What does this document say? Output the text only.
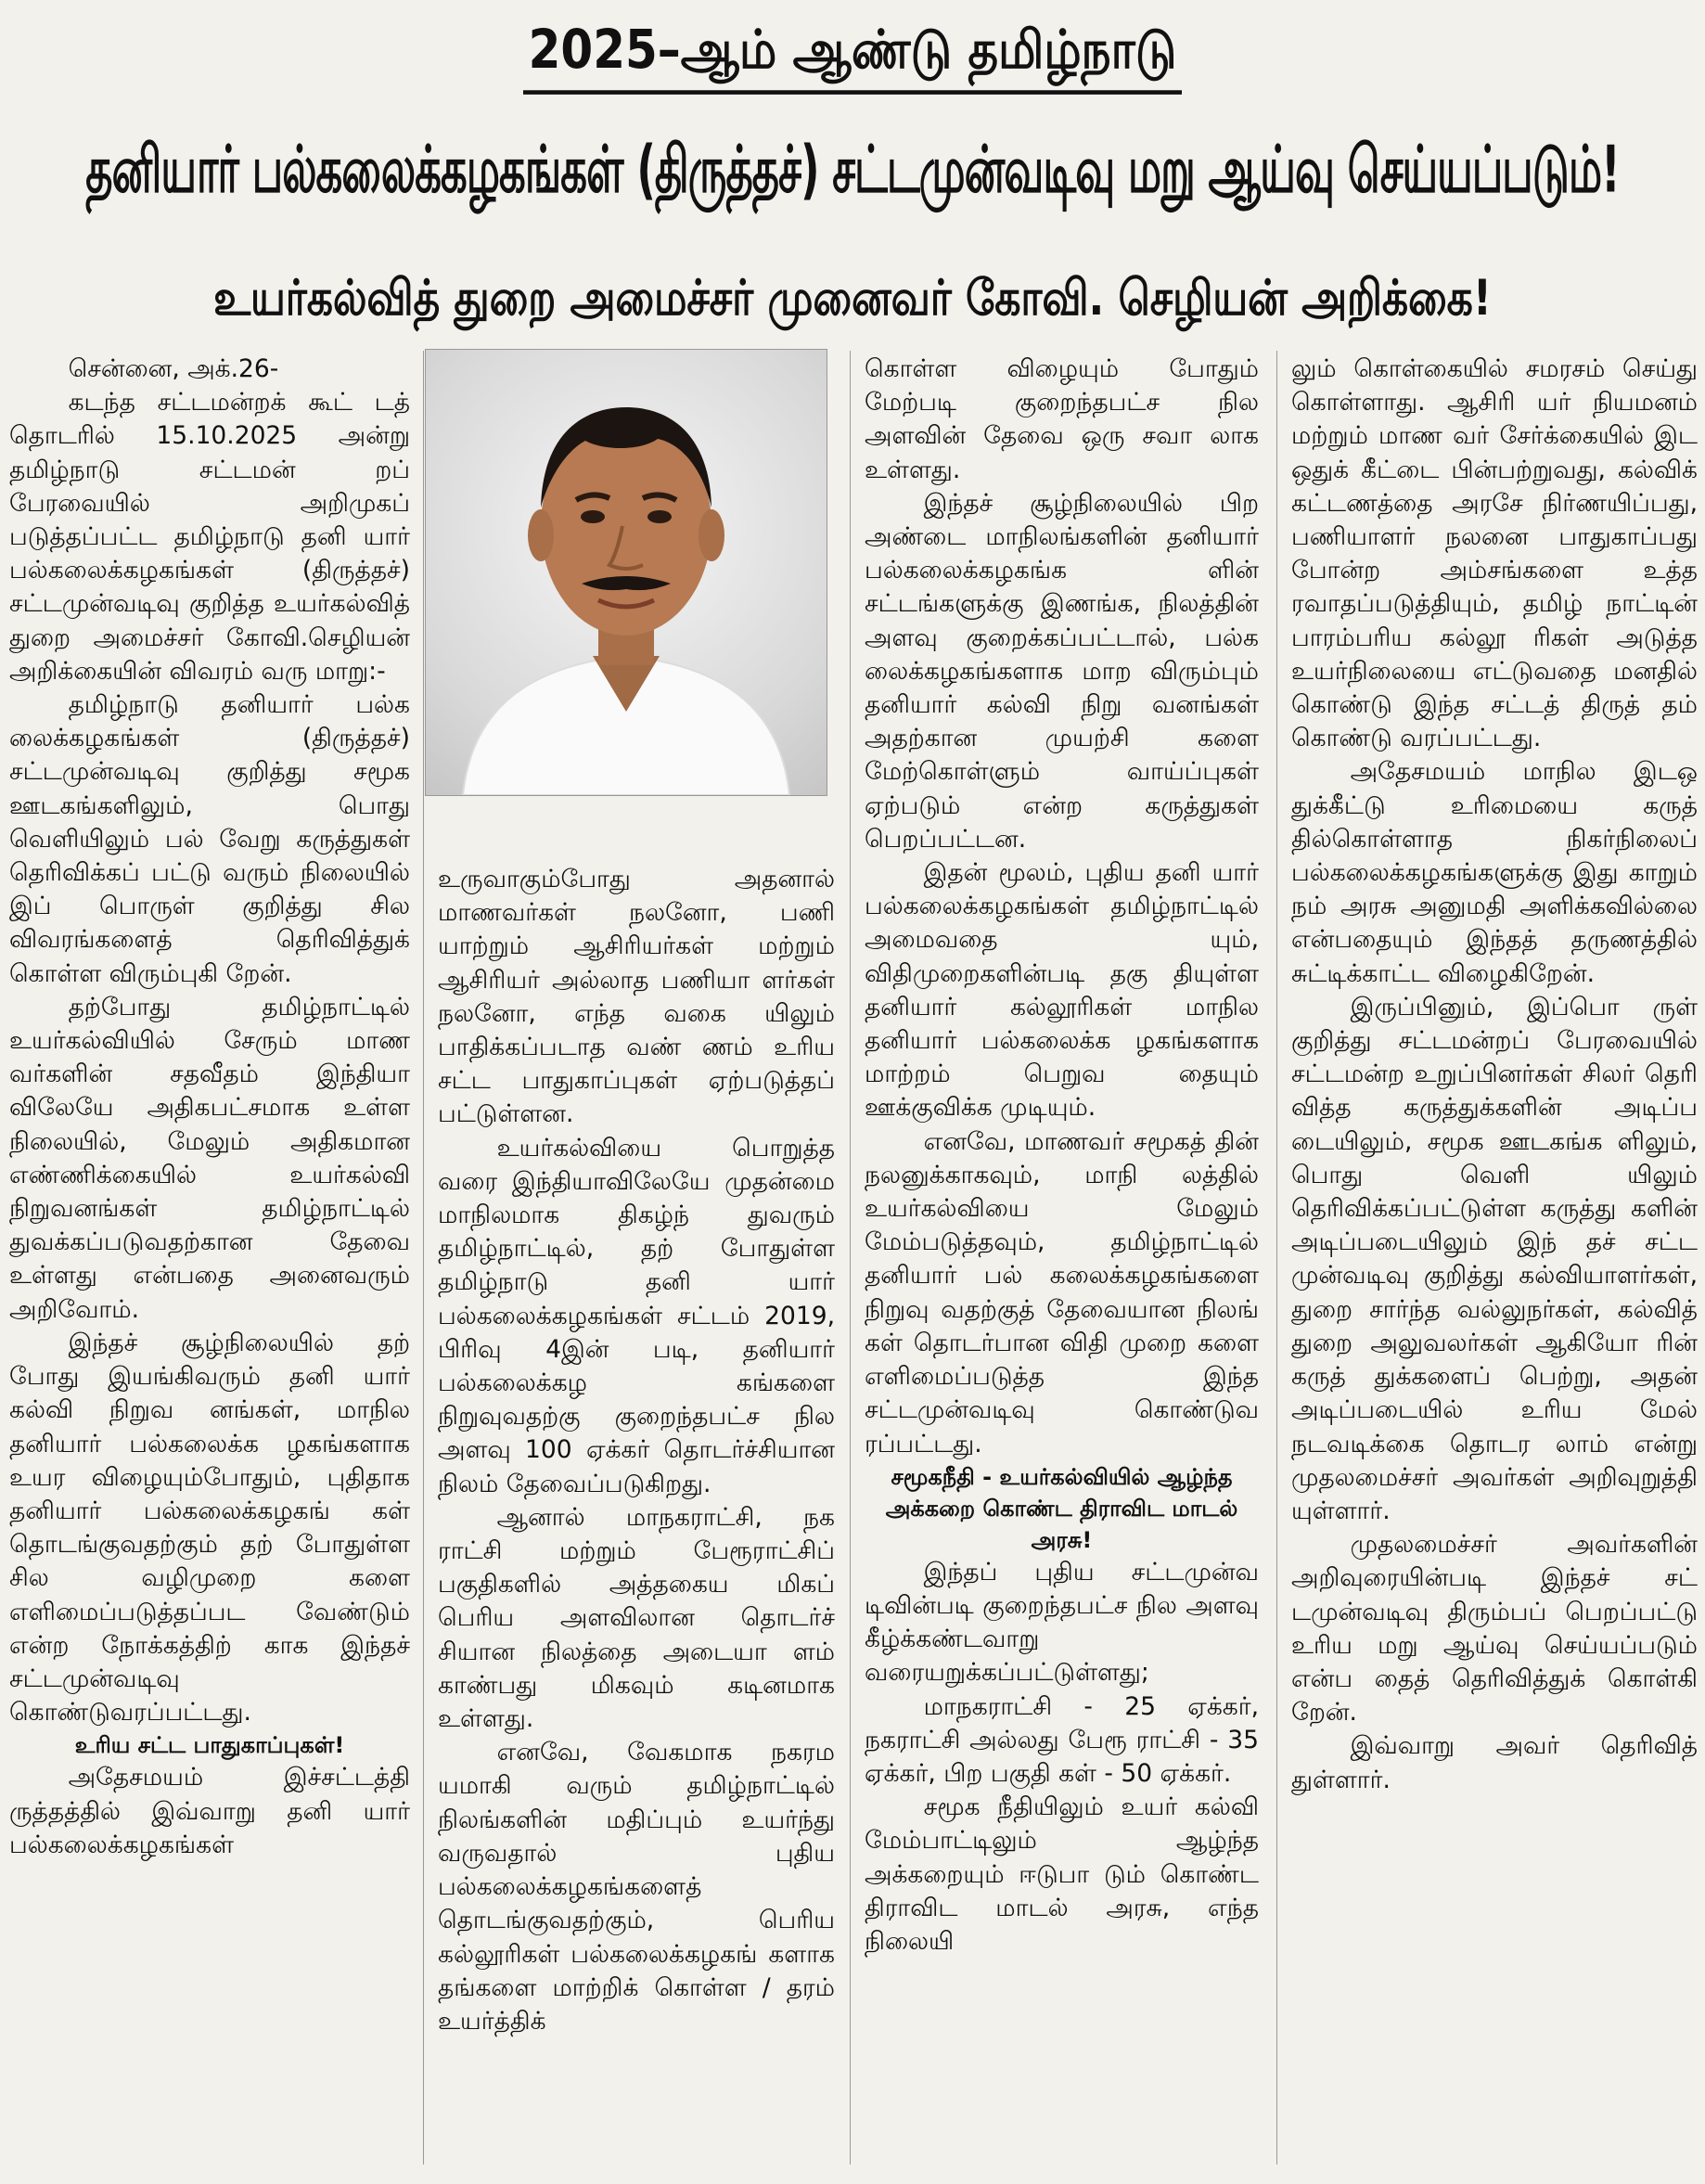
2025–ஆம் ஆண்டு தமிழ்நாடு
தனியார் பல்கலைக்கழகங்கள் (திருத்தச்) சட்டமுன்வடிவு மறு ஆய்வு செய்யப்படும்!
உயர்கல்வித் துறை அமைச்சர் முனைவர் கோவி. செழியன் அறிக்கை!

சென்னை, அக்.26-

கடந்த சட்டமன்றக் கூட் டத் தொடரில் 15.10.2025 அன்று தமிழ்நாடு சட்டமன் றப் பேரவையில் அறிமுகப் படுத்தப்பட்ட தமிழ்நாடு தனி யார் பல்கலைக்கழகங்கள் (திருத்தச்) சட்டமுன்வடிவு குறித்த உயர்கல்வித் துறை அமைச்சர் கோவி.செழியன் அறிக்கையின் விவரம் வரு மாறு:-

தமிழ்நாடு தனியார் பல்க லைக்கழகங்கள் (திருத்தச்) சட்டமுன்வடிவு குறித்து சமூக ஊடகங்களிலும், பொது வெளியிலும் பல் வேறு கருத்துகள் தெரிவிக்கப் பட்டு வரும் நிலையில் இப் பொருள் குறித்து சில விவரங்களைத் தெரிவித்துக் கொள்ள விரும்புகி றேன்.

தற்போது தமிழ்நாட்டில் உயர்கல்வியில் சேரும் மாண வர்களின் சதவீதம் இந்தியா விலேயே அதிகபட்சமாக உள்ள நிலையில், மேலும் அதிகமான எண்ணிக்கையில் உயர்கல்வி நிறுவனங்கள் தமிழ்நாட்டில் துவக்கப்படுவதற்கான தேவை உள்ளது என்பதை அனைவரும் அறிவோம்.

இந்தச் சூழ்நிலையில் தற் போது இயங்கிவரும் தனி யார் கல்வி நிறுவ னங்கள், மாநில தனியார் பல்கலைக்க ழகங்களாக உயர விழையும்போதும், புதிதாக தனியார் பல்கலைக்கழகங் கள் தொடங்குவதற்கும் தற் போதுள்ள சில வழிமுறை களை எளிமைப்படுத்தப்பட வேண்டும் என்ற நோக்கத்திற் காக இந்தச் சட்டமுன்வடிவு கொண்டுவரப்பட்டது.

உரிய சட்ட பாதுகாப்புகள்!

அதேசமயம் இச்சட்டத்தி ருத்தத்தில் இவ்வாறு தனி யார் பல்கலைக்கழகங்கள்

உருவாகும்போது அதனால் மாணவர்கள் நலனோ, பணி யாற்றும் ஆசிரியர்கள் மற்றும் ஆசிரியர் அல்லாத பணியா ளர்கள் நலனோ, எந்த வகை யிலும் பாதிக்கப்படாத வண் ணம் உரிய சட்ட பாதுகாப்புகள் ஏற்படுத்தப் பட்டுள்ளன.

உயர்கல்வியை பொறுத்த வரை இந்தியாவிலேயே முதன்மை மாநிலமாக திகழ்ந் துவரும் தமிழ்நாட்டில், தற் போதுள்ள தமிழ்நாடு தனி யார் பல்கலைக்கழகங்கள் சட்டம் 2019, பிரிவு 4இன் படி, தனியார் பல்கலைக்கழ கங்களை நிறுவுவதற்கு குறைந்தபட்ச நில அளவு 100 ஏக்கர் தொடர்ச்சியான நிலம் தேவைப்படுகிறது.

ஆனால் மாநகராட்சி, நக ராட்சி மற்றும் பேரூராட்சிப் பகுதிகளில் அத்தகைய மிகப் பெரிய அளவிலான தொடர்ச் சியான நிலத்தை அடையா ளம் காண்பது மிகவும் கடினமாக உள்ளது.

எனவே, வேகமாக நகரம யமாகி வரும் தமிழ்நாட்டில் நிலங்களின் மதிப்பும் உயர்ந்து வருவதால் புதிய பல்கலைக்கழகங்களைத் தொடங்குவதற்கும், பெரிய கல்லூரிகள் பல்கலைக்கழகங் களாக தங்களை மாற்றிக் கொள்ள / தரம் உயர்த்திக்

கொள்ள விழையும் போதும் மேற்படி குறைந்தபட்ச நில அளவின் தேவை ஒரு சவா லாக உள்ளது.

இந்தச் சூழ்நிலையில் பிற அண்டை மாநிலங்களின் தனியார் பல்கலைக்கழகங்க ளின் சட்டங்களுக்கு இணங்க, நிலத்தின் அளவு குறைக்கப்பட்டால், பல்க லைக்கழகங்களாக மாற விரும்பும் தனியார் கல்வி நிறு வனங்கள் அதற்கான முயற்சி களை மேற்கொள்ளும் வாய்ப்புகள் ஏற்படும் என்ற கருத்துகள் பெறப்பட்டன.

இதன் மூலம், புதிய தனி யார் பல்கலைக்கழகங்கள் தமிழ்நாட்டில் அமைவதை யும், விதிமுறைகளின்படி தகு தியுள்ள தனியார் கல்லூரிகள் மாநில தனியார் பல்கலைக்க ழகங்களாக மாற்றம் பெறுவ தையும் ஊக்குவிக்க முடியும்.

எனவே, மாணவர் சமூகத் தின் நலனுக்காகவும், மாநி லத்தில் உயர்கல்வியை மேலும் மேம்படுத்தவும், தமிழ்நாட்டில் தனியார் பல் கலைக்கழகங்களை நிறுவு வதற்குத் தேவையான நிலங் கள் தொடர்பான விதி முறை களை எளிமைப்படுத்த இந்த சட்டமுன்வடிவு கொண்டுவ ரப்பட்டது.

சமூகநீதி - உயர்கல்வியில் ஆழ்ந்த அக்கறை கொண்ட திராவிட மாடல் அரசு!

இந்தப் புதிய சட்டமுன்வ டிவின்படி குறைந்தபட்ச நில அளவு கீழ்க்கண்டவாறு வரையறுக்கப்பட்டுள்ளது;

மாநகராட்சி - 25 ஏக்கர், நகராட்சி அல்லது பேரூ ராட்சி - 35 ஏக்கர், பிற பகுதி கள் - 50 ஏக்கர்.

சமூக நீதியிலும் உயர் கல்வி மேம்பாட்டிலும் ஆழ்ந்த அக்கறையும் ஈடுபா டும் கொண்ட திராவிட மாடல் அரசு, எந்த நிலையி

லும் கொள்கையில் சமரசம் செய்து கொள்ளாது. ஆசிரி யர் நியமனம் மற்றும் மாண வர் சேர்க்கையில் இட ஒதுக் கீட்டை பின்பற்றுவது, கல்விக் கட்டணத்தை அரசே நிர்ணயிப்பது, பணியாளர் நலனை பாதுகாப்பது போன்ற அம்சங்களை உத்த ரவாதப்படுத்தியும், தமிழ் நாட்டின் பாரம்பரிய கல்லூ ரிகள் அடுத்த உயர்நிலையை எட்டுவதை மனதில் கொண்டு இந்த சட்டத் திருத் தம் கொண்டு வரப்பட்டது.

அதேசமயம் மாநில இடஒ துக்கீட்டு உரிமையை கருத் தில்கொள்ளாத நிகர்நிலைப் பல்கலைக்கழகங்களுக்கு இது காறும் நம் அரசு அனுமதி அளிக்கவில்லை என்பதையும் இந்தத் தருணத்தில் சுட்டிக்காட்ட விழைகிறேன்.

இருப்பினும், இப்பொ ருள் குறித்து சட்டமன்றப் பேரவையில் சட்டமன்ற உறுப்பினர்கள் சிலர் தெரி வித்த கருத்துக்களின் அடிப்ப டையிலும், சமூக ஊடகங்க ளிலும், பொது வெளி யிலும் தெரிவிக்கப்பட்டுள்ள கருத்து களின் அடிப்படையிலும் இந் தச் சட்ட முன்வடிவு குறித்து கல்வியாளர்கள், துறை சார்ந்த வல்லுநர்கள், கல்வித் துறை அலுவலர்கள் ஆகியோ ரின் கருத் துக்களைப் பெற்று, அதன் அடிப்படையில் உரிய மேல் நடவடிக்கை தொடர லாம் என்று முதலமைச்சர் அவர்கள் அறிவுறுத்தி யுள்ளார்.

முதலமைச்சர் அவர்களின் அறிவுரையின்படி இந்தச் சட் டமுன்வடிவு திரும்பப் பெறப்பட்டு உரிய மறு ஆய்வு செய்யப்படும் என்ப தைத் தெரிவித்துக் கொள்கி றேன்.

இவ்வாறு அவர் தெரிவித் துள்ளார்.
